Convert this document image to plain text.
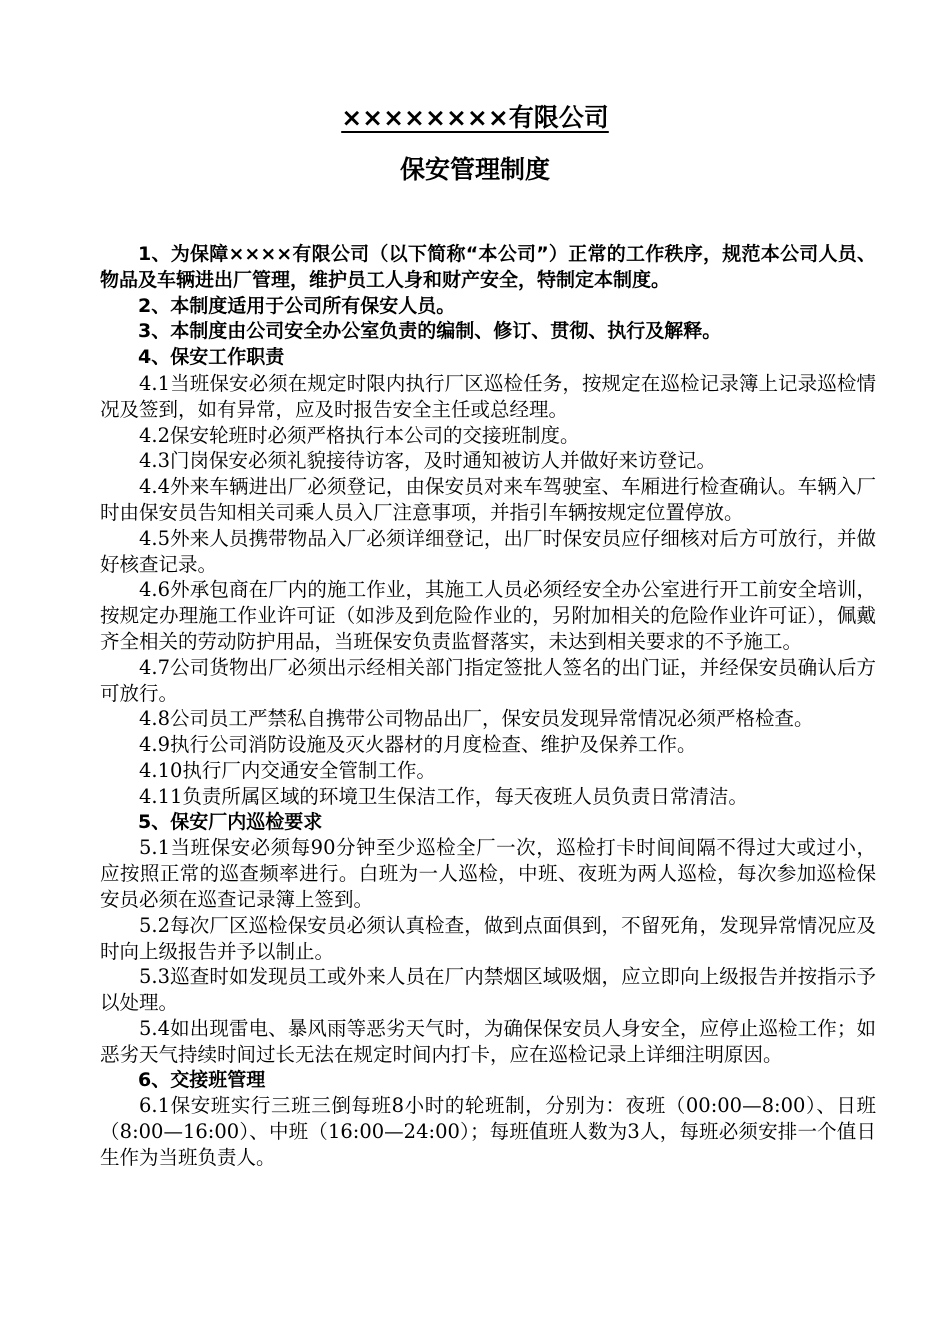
××××××××有限公司
保安管理制度

1、为保障××××有限公司（以下简称“本公司”）正常的工作秩序，规范本公司人员、物品及车辆进出厂管理，维护员工人身和财产安全，特制定本制度。

2、本制度适用于公司所有保安人员。

3、本制度由公司安全办公室负责的编制、修订、贯彻、执行及解释。

4、保安工作职责

4.1当班保安必须在规定时限内执行厂区巡检任务，按规定在巡检记录簿上记录巡检情况及签到，如有异常，应及时报告安全主任或总经理。

4.2保安轮班时必须严格执行本公司的交接班制度。

4.3门岗保安必须礼貌接待访客，及时通知被访人并做好来访登记。

4.4外来车辆进出厂必须登记，由保安员对来车驾驶室、车厢进行检查确认。车辆入厂时由保安员告知相关司乘人员入厂注意事项，并指引车辆按规定位置停放。

4.5外来人员携带物品入厂必须详细登记，出厂时保安员应仔细核对后方可放行，并做好核查记录。

4.6外承包商在厂内的施工作业，其施工人员必须经安全办公室进行开工前安全培训，按规定办理施工作业许可证（如涉及到危险作业的，另附加相关的危险作业许可证），佩戴齐全相关的劳动防护用品，当班保安负责监督落实，未达到相关要求的不予施工。

4.7公司货物出厂必须出示经相关部门指定签批人签名的出门证，并经保安员确认后方可放行。

4.8公司员工严禁私自携带公司物品出厂，保安员发现异常情况必须严格检查。

4.9执行公司消防设施及灭火器材的月度检查、维护及保养工作。

4.10执行厂内交通安全管制工作。

4.11负责所属区域的环境卫生保洁工作，每天夜班人员负责日常清洁。

5、保安厂内巡检要求

5.1当班保安必须每90分钟至少巡检全厂一次，巡检打卡时间间隔不得过大或过小，应按照正常的巡查频率进行。白班为一人巡检，中班、夜班为两人巡检，每次参加巡检保安员必须在巡查记录簿上签到。

5.2每次厂区巡检保安员必须认真检查，做到点面俱到，不留死角，发现异常情况应及时向上级报告并予以制止。

5.3巡查时如发现员工或外来人员在厂内禁烟区域吸烟，应立即向上级报告并按指示予以处理。

5.4如出现雷电、暴风雨等恶劣天气时，为确保保安员人身安全，应停止巡检工作；如恶劣天气持续时间过长无法在规定时间内打卡，应在巡检记录上详细注明原因。

6、交接班管理

6.1保安班实行三班三倒每班8小时的轮班制，分别为：夜班（00:00—8:00）、日班（8:00—16:00）、中班（16:00—24:00）；每班值班人数为3人，每班必须安排一个值日生作为当班负责人。
